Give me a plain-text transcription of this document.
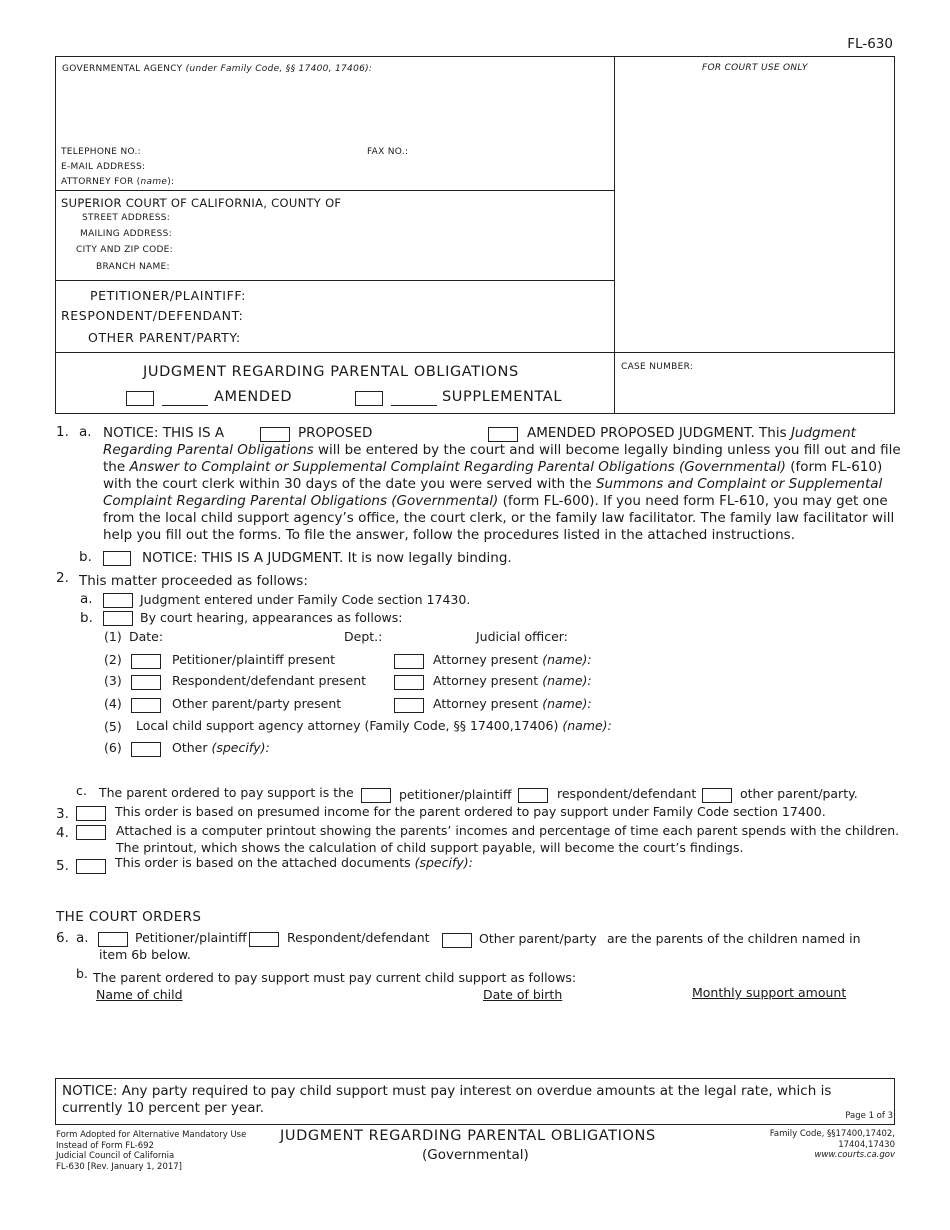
FL-630
GOVERNMENTAL AGENCY (under Family Code, §§ 17400, 17406):	FOR COURT USE ONLY
TELEPHONE NO.:	FAX NO.:
E-MAIL ADDRESS:
ATTORNEY FOR (name):
SUPERIOR COURT OF CALIFORNIA, COUNTY OF
STREET ADDRESS:
MAILING ADDRESS:
CITY AND ZIP CODE:
BRANCH NAME:
PETITIONER/PLAINTIFF:
RESPONDENT/DEFENDANT:
OTHER PARENT/PARTY:
JUDGMENT REGARDING PARENTAL OBLIGATIONS
AMENDED	SUPPLEMENTAL
CASE NUMBER:
1. a. NOTICE: THIS IS A	PROPOSED	AMENDED PROPOSED JUDGMENT. This Judgment
Regarding Parental Obligations will be entered by the court and will become legally binding unless you fill out and file
the Answer to Complaint or Supplemental Complaint Regarding Parental Obligations (Governmental) (form FL-610)
with the court clerk within 30 days of the date you were served with the Summons and Complaint or Supplemental
Complaint Regarding Parental Obligations (Governmental) (form FL-600). If you need form FL-610, you may get one
from the local child support agency’s office, the court clerk, or the family law facilitator. The family law facilitator will
help you fill out the forms. To file the answer, follow the procedures listed in the attached instructions.
b.	NOTICE: THIS IS A JUDGMENT. It is now legally binding.
2. This matter proceeded as follows:
a.	Judgment entered under Family Code section 17430.
b.	By court hearing, appearances as follows:
(1) Date:	Dept.:	Judicial officer:
(2)	Petitioner/plaintiff present	Attorney present (name):
(3)	Respondent/defendant present	Attorney present (name):
(4)	Other parent/party present	Attorney present (name):
(5) Local child support agency attorney (Family Code, §§ 17400,17406) (name):
(6)	Other (specify):
c. The parent ordered to pay support is the	petitioner/plaintiff	respondent/defendant	other parent/party.
3.	This order is based on presumed income for the parent ordered to pay support under Family Code section 17400.
4.	Attached is a computer printout showing the parents’ incomes and percentage of time each parent spends with the children.
The printout, which shows the calculation of child support payable, will become the court’s findings.
5.	This order is based on the attached documents (specify):
THE COURT ORDERS
6. a.	Petitioner/plaintiff	Respondent/defendant	Other parent/party are the parents of the children named in
item 6b below.
b. The parent ordered to pay support must pay current child support as follows:
Name of child	Date of birth	Monthly support amount
NOTICE: Any party required to pay child support must pay interest on overdue amounts at the legal rate, which is currently 10 percent per year.	Page 1 of 3
Form Adopted for Alternative Mandatory Use
Instead of Form FL-692
Judicial Council of California
FL-630 [Rev. January 1, 2017]
JUDGMENT REGARDING PARENTAL OBLIGATIONS
(Governmental)
Family Code, §§17400,17402,
17404,17430
www.courts.ca.gov
